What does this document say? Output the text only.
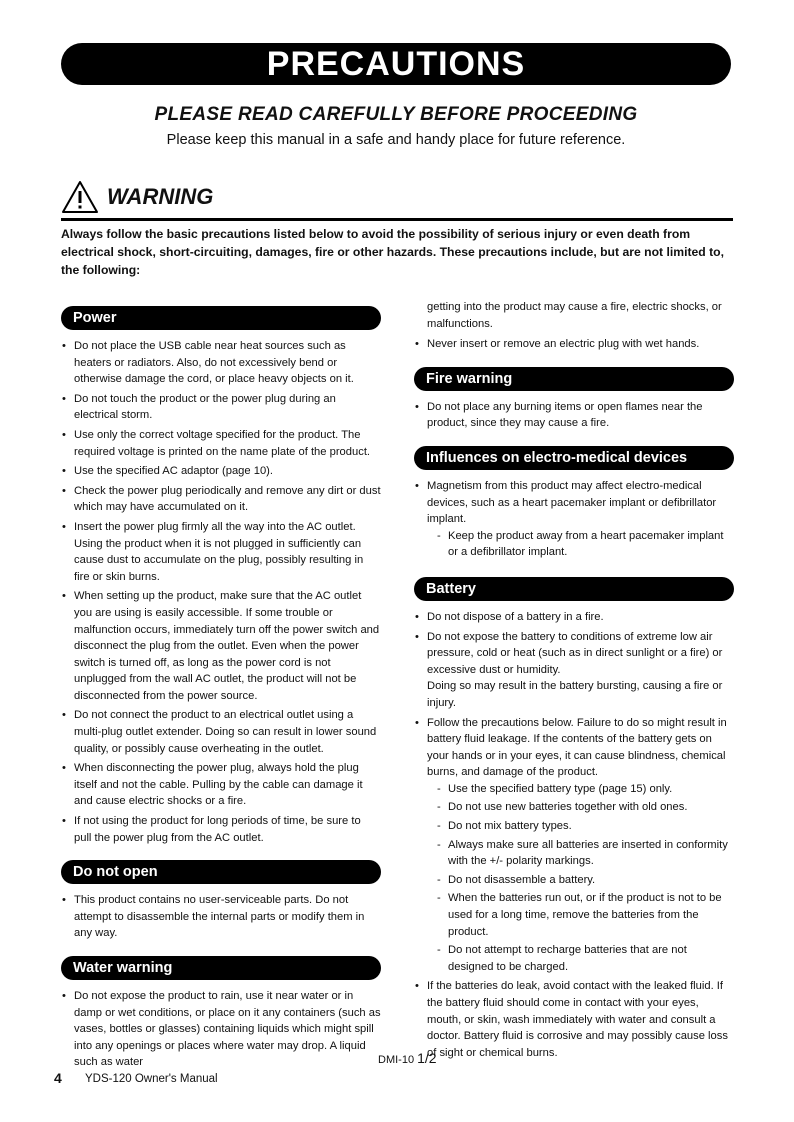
PRECAUTIONS
PLEASE READ CAREFULLY BEFORE PROCEEDING
Please keep this manual in a safe and handy place for future reference.
WARNING
Always follow the basic precautions listed below to avoid the possibility of serious injury or even death from electrical shock, short-circuiting, damages, fire or other hazards. These precautions include, but are not limited to, the following:
Power
• Do not place the USB cable near heat sources such as heaters or radiators. Also, do not excessively bend or otherwise damage the cord, or place heavy objects on it.
• Do not touch the product or the power plug during an electrical storm.
• Use only the correct voltage specified for the product. The required voltage is printed on the name plate of the product.
• Use the specified AC adaptor (page 10).
• Check the power plug periodically and remove any dirt or dust which may have accumulated on it.
• Insert the power plug firmly all the way into the AC outlet. Using the product when it is not plugged in sufficiently can cause dust to accumulate on the plug, possibly resulting in fire or skin burns.
• When setting up the product, make sure that the AC outlet you are using is easily accessible. If some trouble or malfunction occurs, immediately turn off the power switch and disconnect the plug from the outlet. Even when the power switch is turned off, as long as the power cord is not unplugged from the wall AC outlet, the product will not be disconnected from the power source.
• Do not connect the product to an electrical outlet using a multi-plug outlet extender. Doing so can result in lower sound quality, or possibly cause overheating in the outlet.
• When disconnecting the power plug, always hold the plug itself and not the cable. Pulling by the cable can damage it and cause electric shocks or a fire.
• If not using the product for long periods of time, be sure to pull the power plug from the AC outlet.
Do not open
• This product contains no user-serviceable parts. Do not attempt to disassemble the internal parts or modify them in any way.
Water warning
• Do not expose the product to rain, use it near water or in damp or wet conditions, or place on it any containers (such as vases, bottles or glasses) containing liquids which might spill into any openings or places where water may drop. A liquid such as water
getting into the product may cause a fire, electric shocks, or malfunctions.
• Never insert or remove an electric plug with wet hands.
Fire warning
• Do not place any burning items or open flames near the product, since they may cause a fire.
Influences on electro-medical devices
• Magnetism from this product may affect electro-medical devices, such as a heart pacemaker implant or defibrillator implant.
- Keep the product away from a heart pacemaker implant or a defibrillator implant.
Battery
• Do not dispose of a battery in a fire.
• Do not expose the battery to conditions of extreme low air pressure, cold or heat (such as in direct sunlight or a fire) or excessive dust or humidity.
Doing so may result in the battery bursting, causing a fire or injury.
• Follow the precautions below. Failure to do so might result in battery fluid leakage. If the contents of the battery gets on your hands or in your eyes, it can cause blindness, chemical burns, and damage of the product.
- Use the specified battery type (page 15) only.
- Do not use new batteries together with old ones.
- Do not mix battery types.
- Always make sure all batteries are inserted in conformity with the +/- polarity markings.
- Do not disassemble a battery.
- When the batteries run out, or if the product is not to be used for a long time, remove the batteries from the product.
- Do not attempt to recharge batteries that are not designed to be charged.
• If the batteries do leak, avoid contact with the leaked fluid. If the battery fluid should come in contact with your eyes, mouth, or skin, wash immediately with water and consult a doctor. Battery fluid is corrosive and may possibly cause loss of sight or chemical burns.
DMI-10 1/2
4 YDS-120 Owner's Manual
